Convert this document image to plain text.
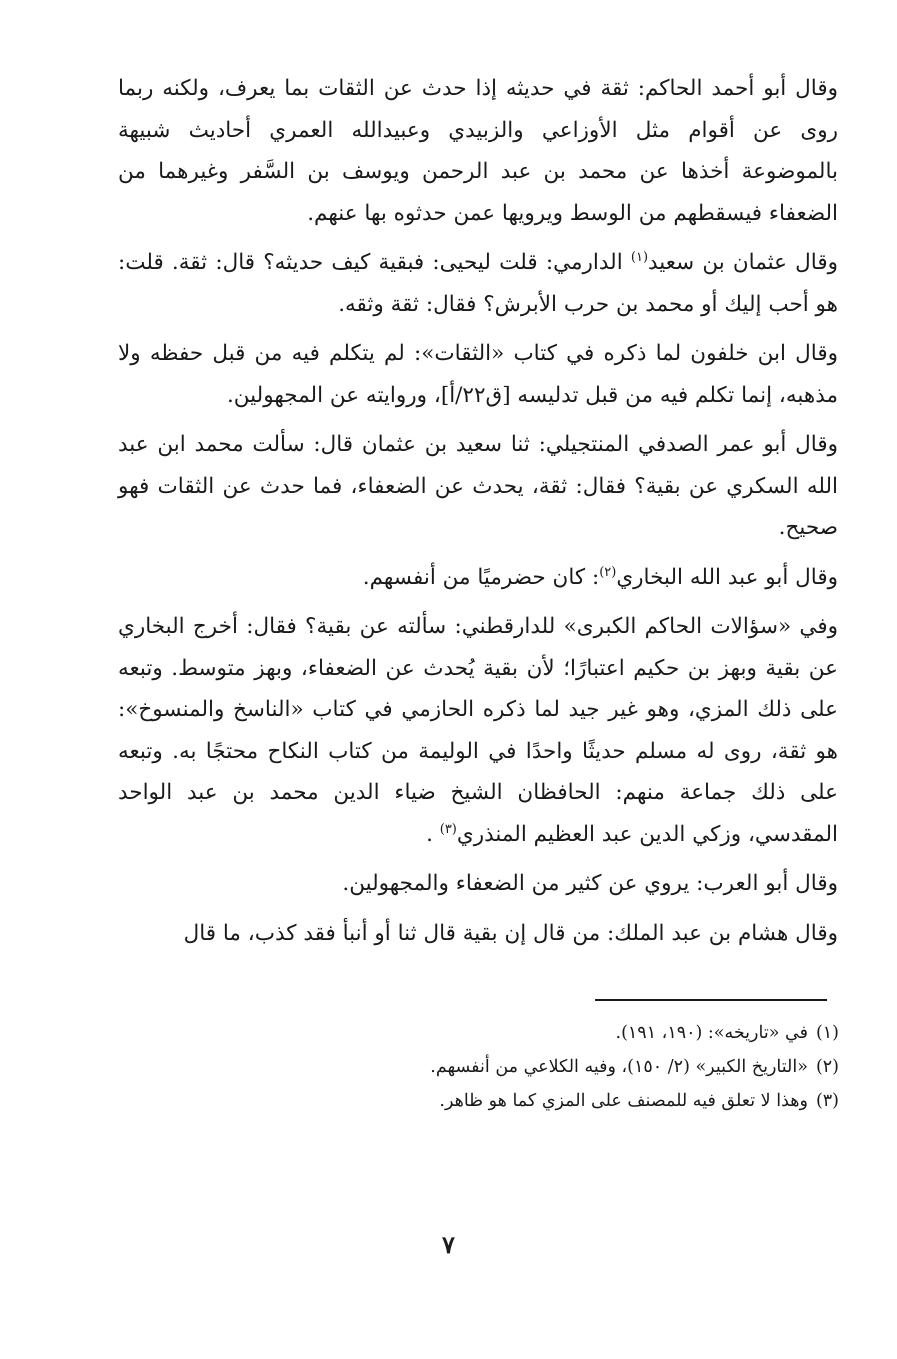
وقال أبو أحمد الحاكم: ثقة في حديثه إذا حدث عن الثقات بما يعرف، ولكنه ربما روى عن أقوام مثل الأوزاعي والزبيدي وعبيدالله العمري أحاديث شبيهة بالموضوعة أخذها عن محمد بن عبد الرحمن ويوسف بن السَّفر وغيرهما من الضعفاء فيسقطهم من الوسط ويرويها عمن حدثوه بها عنهم.

وقال عثمان بن سعيد$^{(١)}$ الدارمي: قلت ليحيى: فبقية كيف حديثه؟ قال: ثقة. قلت: هو أحب إليك أو محمد بن حرب الأبرش؟ فقال: ثقة وثقه.

وقال ابن خلفون لما ذكره في كتاب «الثقات»: لم يتكلم فيه من قبل حفظه ولا مذهبه، إنما تكلم فيه من قبل تدليسه [ق٢٢/أ]، وروايته عن المجهولين.

وقال أبو عمر الصدفي المنتجيلي: ثنا سعيد بن عثمان قال: سألت محمد ابن عبد الله السكري عن بقية؟ فقال: ثقة، يحدث عن الضعفاء، فما حدث عن الثقات فهو صحيح.

وقال أبو عبد الله البخاري$^{(٢)}$: كان حضرميًا من أنفسهم.

وفي «سؤالات الحاكم الكبرى» للدارقطني: سألته عن بقية؟ فقال: أخرج البخاري عن بقية وبهز بن حكيم اعتبارًا؛ لأن بقية يُحدث عن الضعفاء، وبهز متوسط. وتبعه على ذلك المزي، وهو غير جيد لما ذكره الحازمي في كتاب «الناسخ والمنسوخ»: هو ثقة، روى له مسلم حديثًا واحدًا في الوليمة من كتاب النكاح محتجًا به. وتبعه على ذلك جماعة منهم: الحافظان الشيخ ضياء الدين محمد بن عبد الواحد المقدسي، وزكي الدين عبد العظيم المنذري$^{(٣)}$ .

وقال أبو العرب: يروي عن كثير من الضعفاء والمجهولين.

وقال هشام بن عبد الملك: من قال إن بقية قال ثنا أو أنبأ فقد كذب، ما قال

(١)في «تاريخه»: (١٩٠، ١٩١).

(٢)«التاريخ الكبير» (٢/ ١٥٠)، وفيه الكلاعي من أنفسهم.

(٣)وهذا لا تعلق فيه للمصنف على المزي كما هو ظاهر.

٧
